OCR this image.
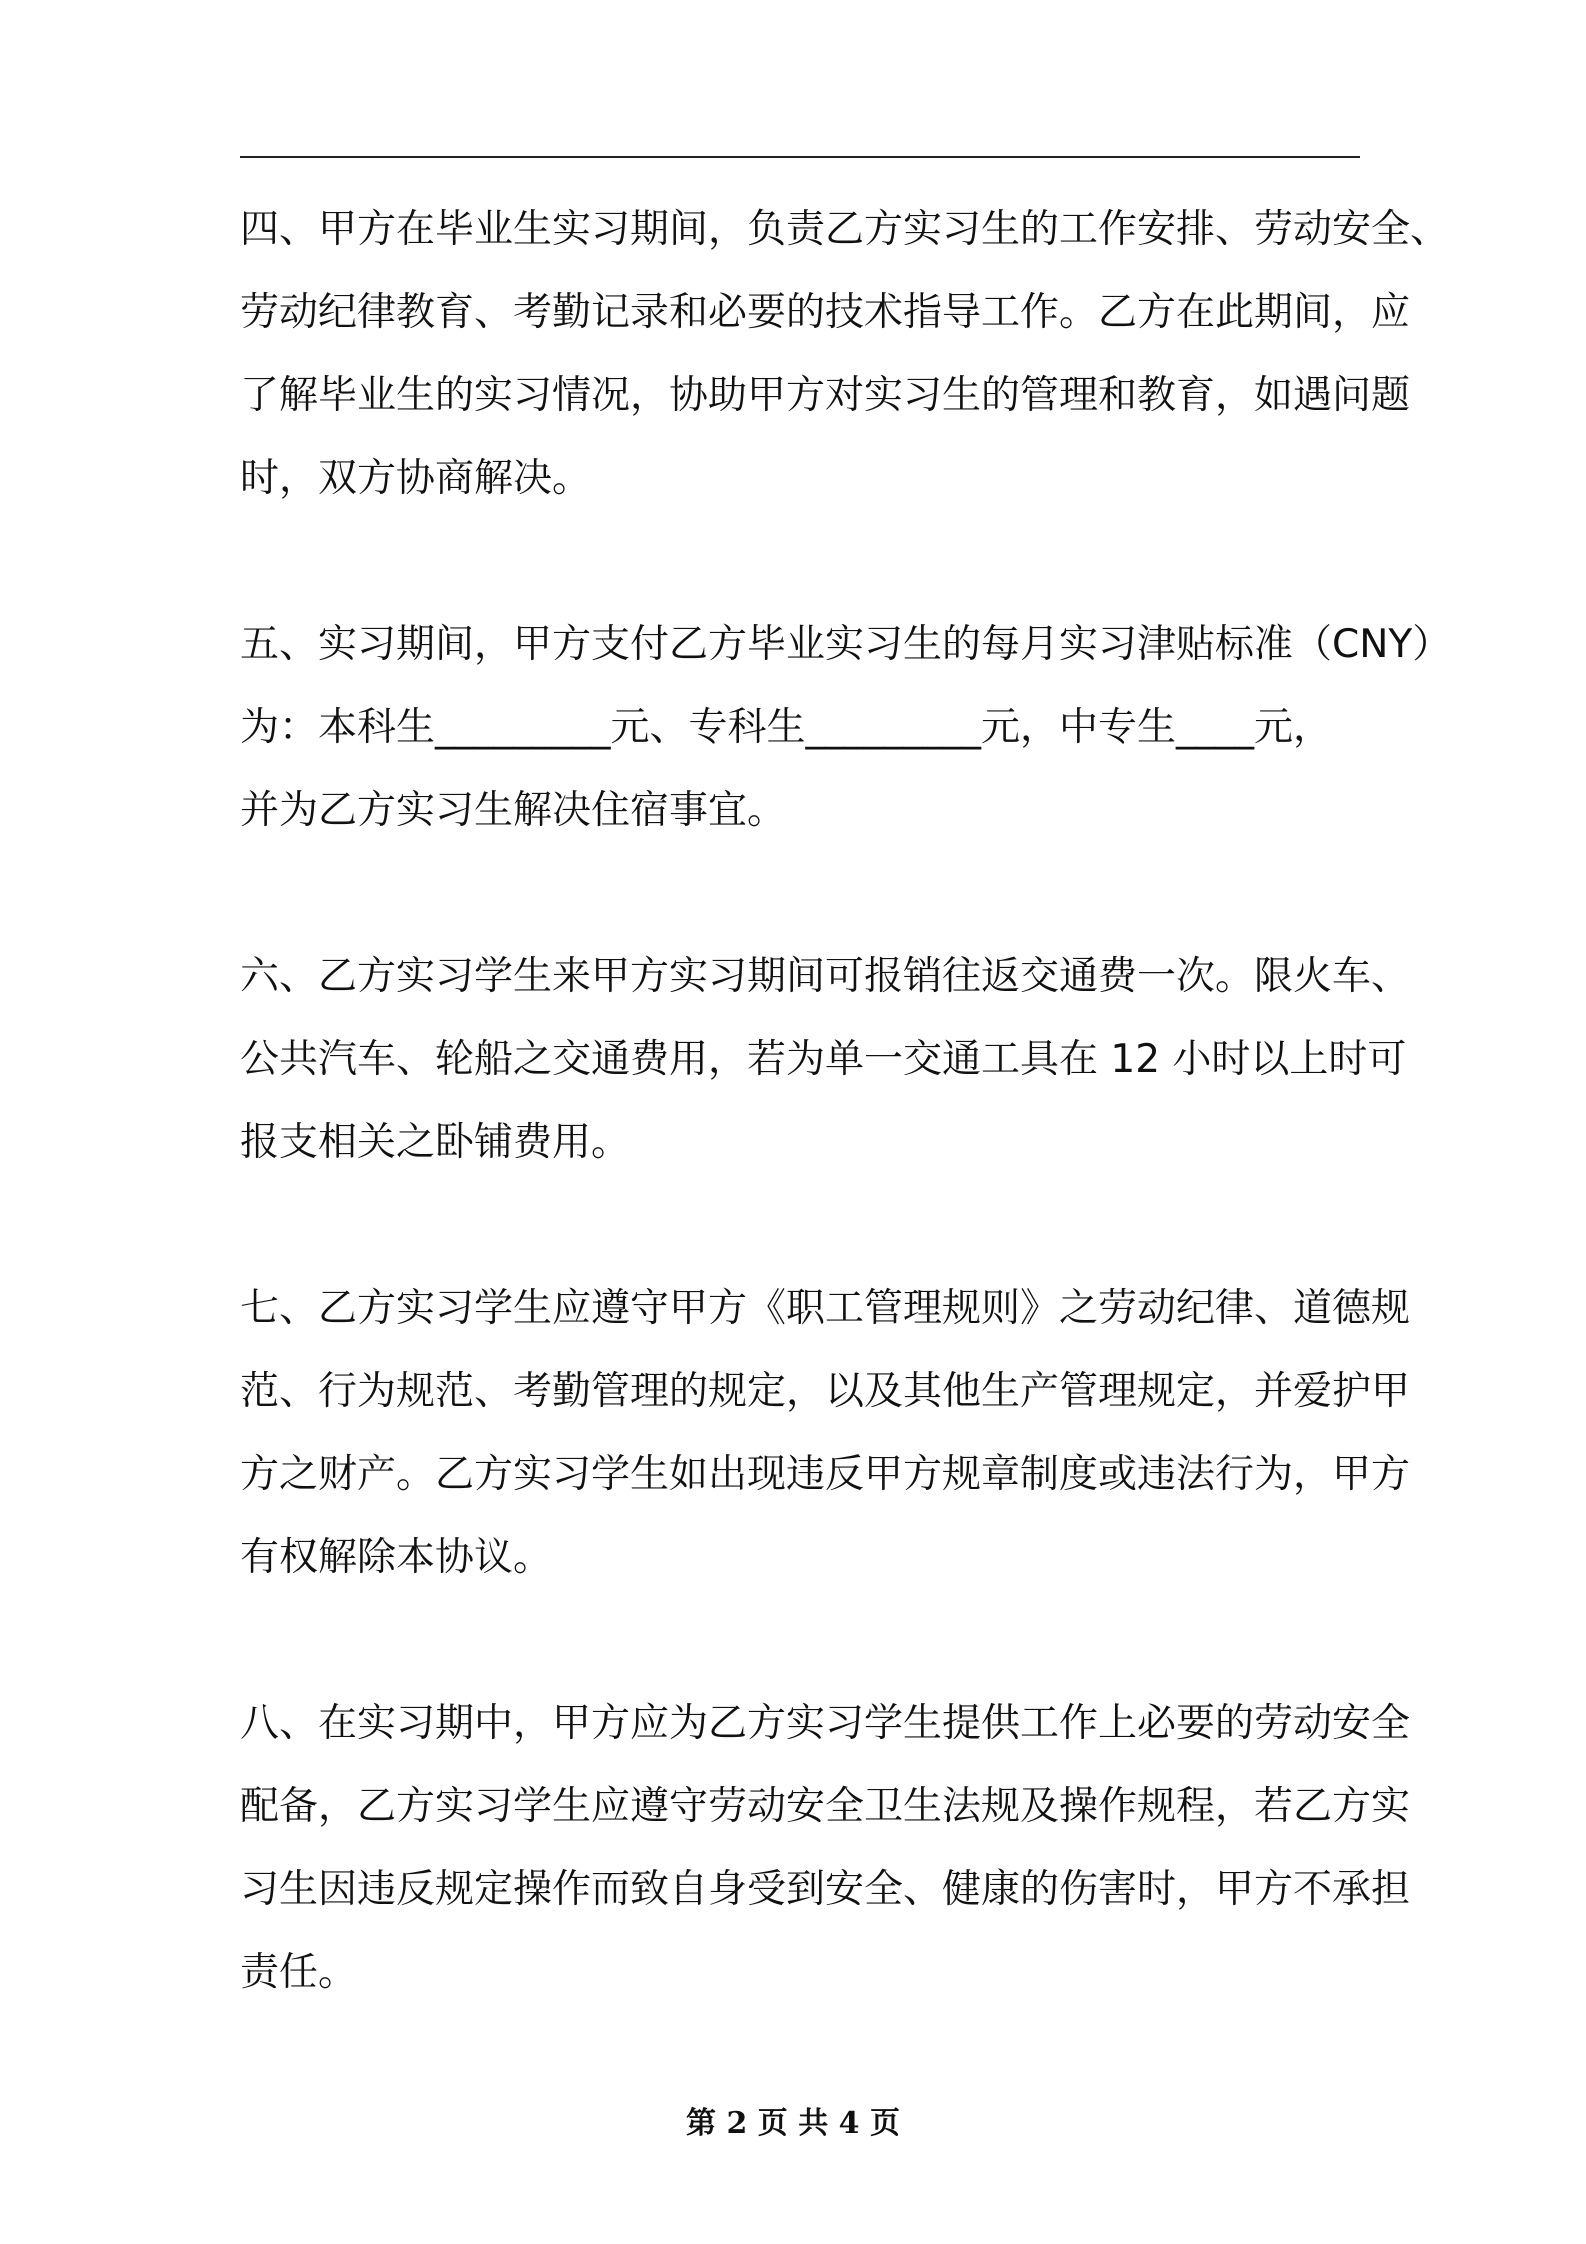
四、甲方在毕业生实习期间，负责乙方实习生的工作安排、劳动安全、
劳动纪律教育、考勤记录和必要的技术指导工作。乙方在此期间，应
了解毕业生的实习情况，协助甲方对实习生的管理和教育，如遇问题
时，双方协商解决。
五、实习期间，甲方支付乙方毕业实习生的每月实习津贴标准（CNY）
为：本科生_________元、专科生_________元，中专生____元，
并为乙方实习生解决住宿事宜。
六、乙方实习学生来甲方实习期间可报销往返交通费一次。限火车、
公共汽车、轮船之交通费用，若为单一交通工具在 12 小时以上时可
报支相关之卧铺费用。
七、乙方实习学生应遵守甲方《职工管理规则》之劳动纪律、道德规
范、行为规范、考勤管理的规定，以及其他生产管理规定，并爱护甲
方之财产。乙方实习学生如出现违反甲方规章制度或违法行为，甲方
有权解除本协议。
八、在实习期中，甲方应为乙方实习学生提供工作上必要的劳动安全
配备，乙方实习学生应遵守劳动安全卫生法规及操作规程，若乙方实
习生因违反规定操作而致自身受到安全、健康的伤害时，甲方不承担
责任。
第 2 页 共 4 页
